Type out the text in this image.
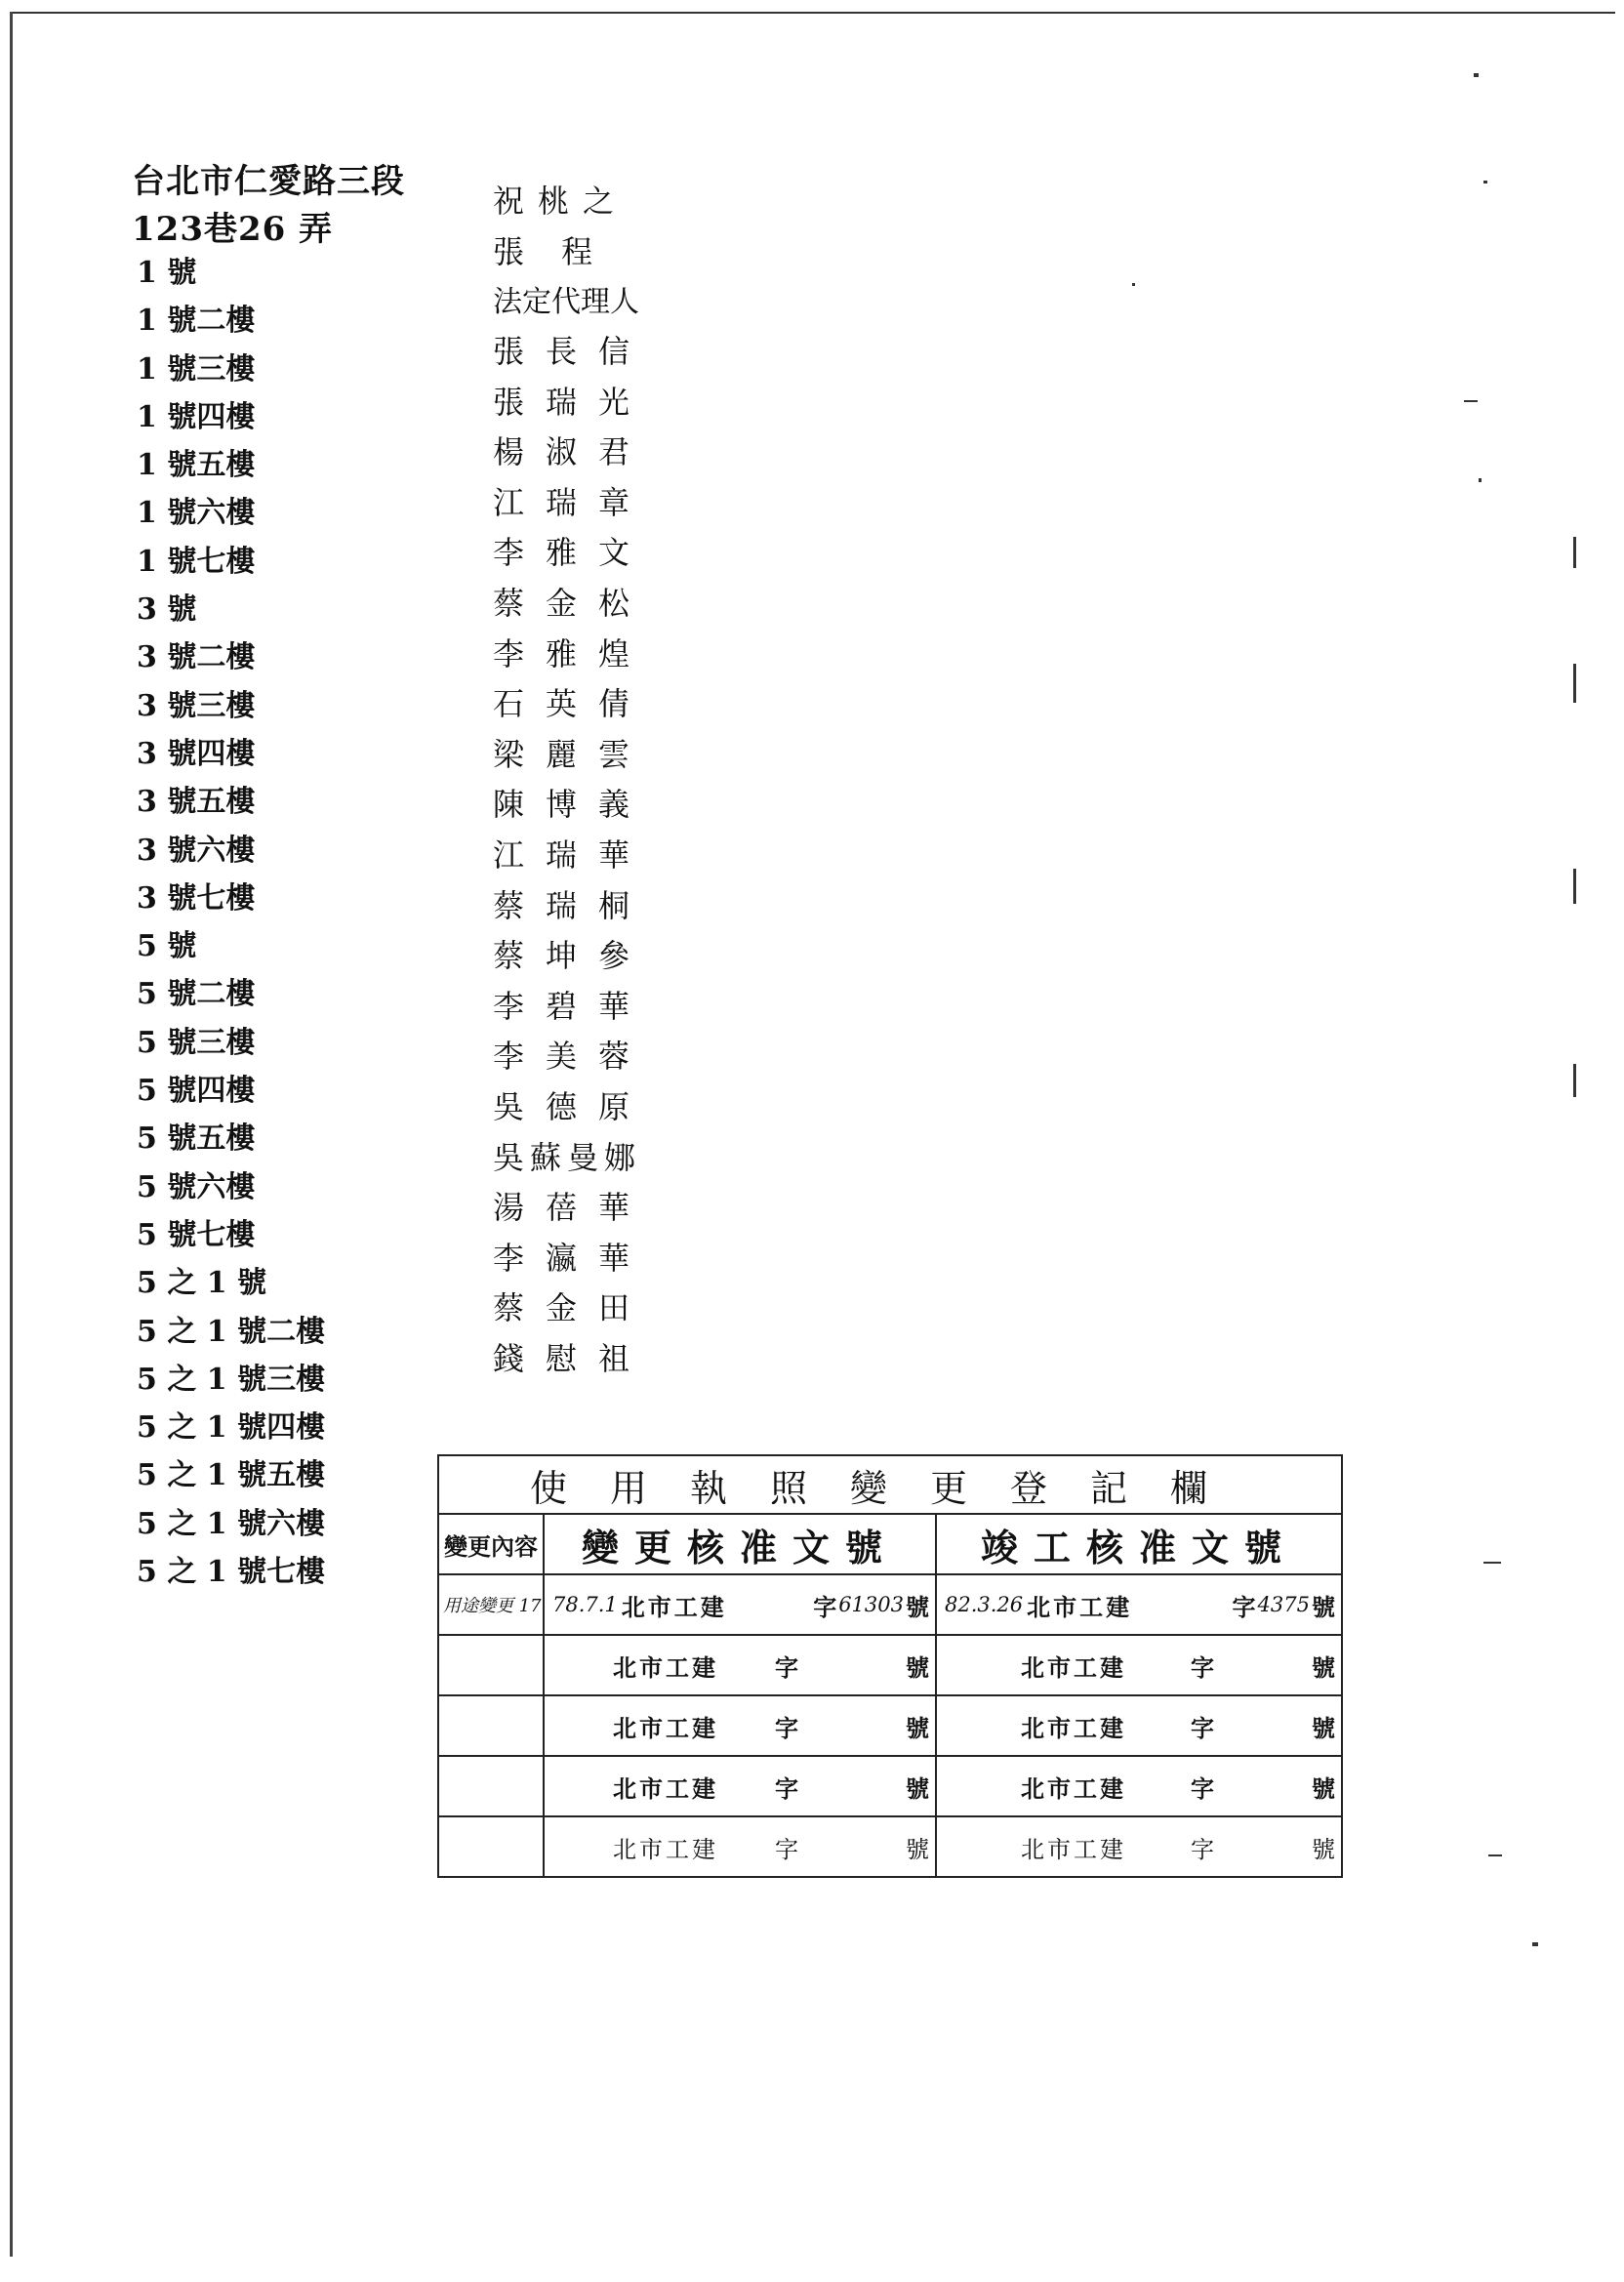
台北市仁愛路三段
123巷26 弄
1 號
1 號二樓
1 號三樓
1 號四樓
1 號五樓
1 號六樓
1 號七樓
3 號
3 號二樓
3 號三樓
3 號四樓
3 號五樓
3 號六樓
3 號七樓
5 號
5 號二樓
5 號三樓
5 號四樓
5 號五樓
5 號六樓
5 號七樓
5 之 1 號
5 之 1 號二樓
5 之 1 號三樓
5 之 1 號四樓
5 之 1 號五樓
5 之 1 號六樓
5 之 1 號七樓
祝桃之
張 程
法定代理人
張長信
張瑞光
楊淑君
江瑞章
李雅文
蔡金松
李雅煌
石英倩
梁麗雲
陳博義
江瑞華
蔡瑞桐
蔡坤參
李碧華
李美蓉
吳德原
吳蘇曼娜
湯蓓華
李瀛華
蔡金田
錢慰祖
使用執照變更登記欄		
變更內容	變更核准文號	竣工核准文號
用途變更 17	78.7.1 北市工建 字 61303 號	82.3.26 北市工建 字 4375 號

	北市工建 字 號	北市工建 字 號

	北市工建 字 號	北市工建 字 號

	北市工建 字 號	北市工建 字 號

	北市工建 字 號	北市工建 字 號
